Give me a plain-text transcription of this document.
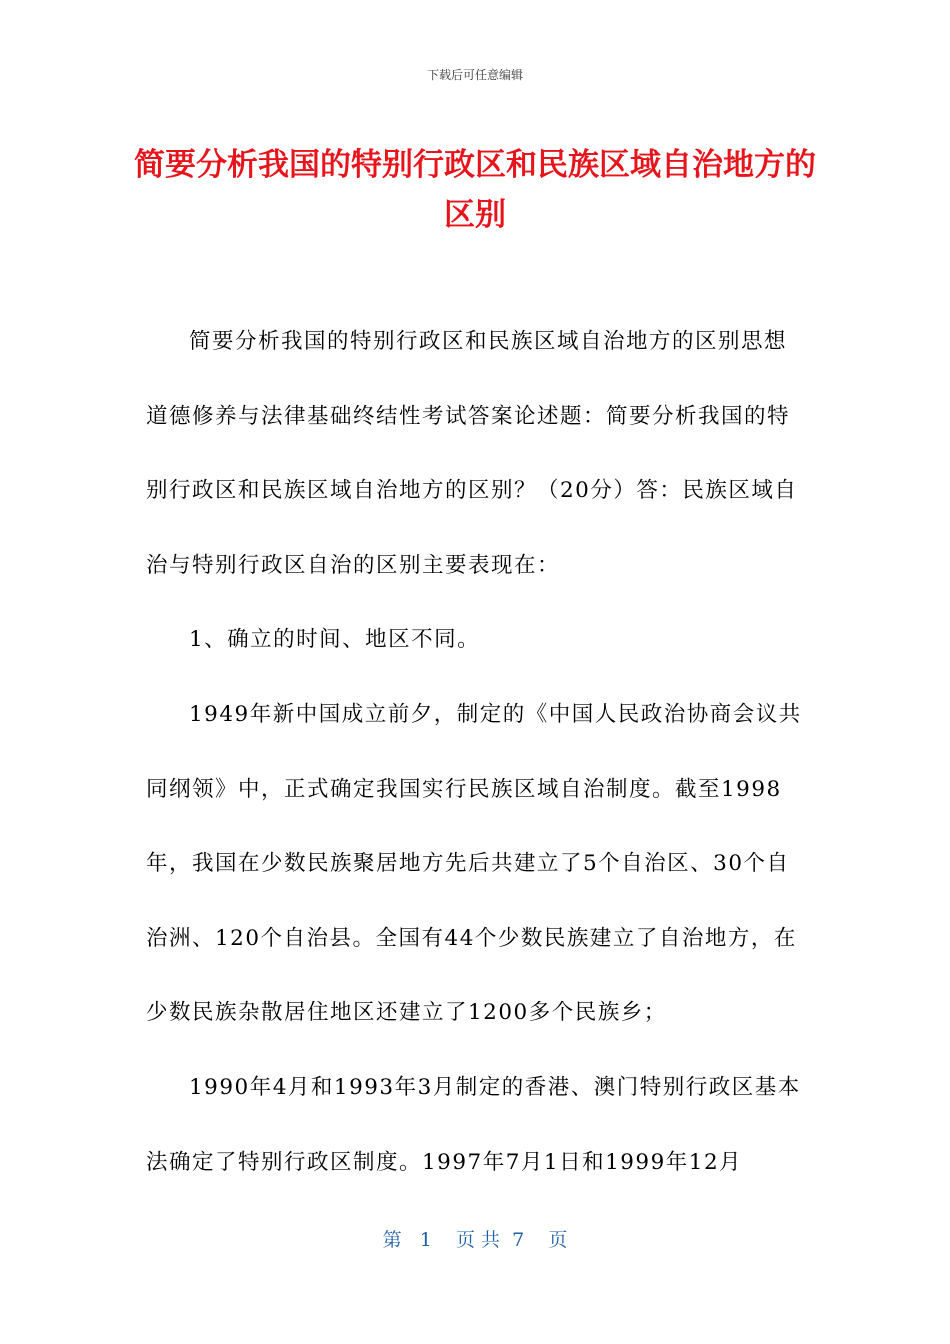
下载后可任意编辑
简要分析我国的特别行政区和民族区域自治地方的区别

简要分析我国的特别行政区和民族区域自治地方的区别思想道德修养与法律基础终结性考试答案论述题：简要分析我国的特别行政区和民族区域自治地方的区别？（20分）答：民族区域自治与特别行政区自治的区别主要表现在：

1、确立的时间、地区不同。

1949年新中国成立前夕，制定的《中国人民政治协商会议共同纲领》中，正式确定我国实行民族区域自治制度。截至1998年，我国在少数民族聚居地方先后共建立了5个自治区、30个自治洲、120个自治县。全国有44个少数民族建立了自治地方，在少数民族杂散居住地区还建立了1200多个民族乡；

1990年4月和1993年3月制定的香港、澳门特别行政区基本法确定了特别行政区制度。1997年7月1日和1999年12月

第   1    页 共  7    页
